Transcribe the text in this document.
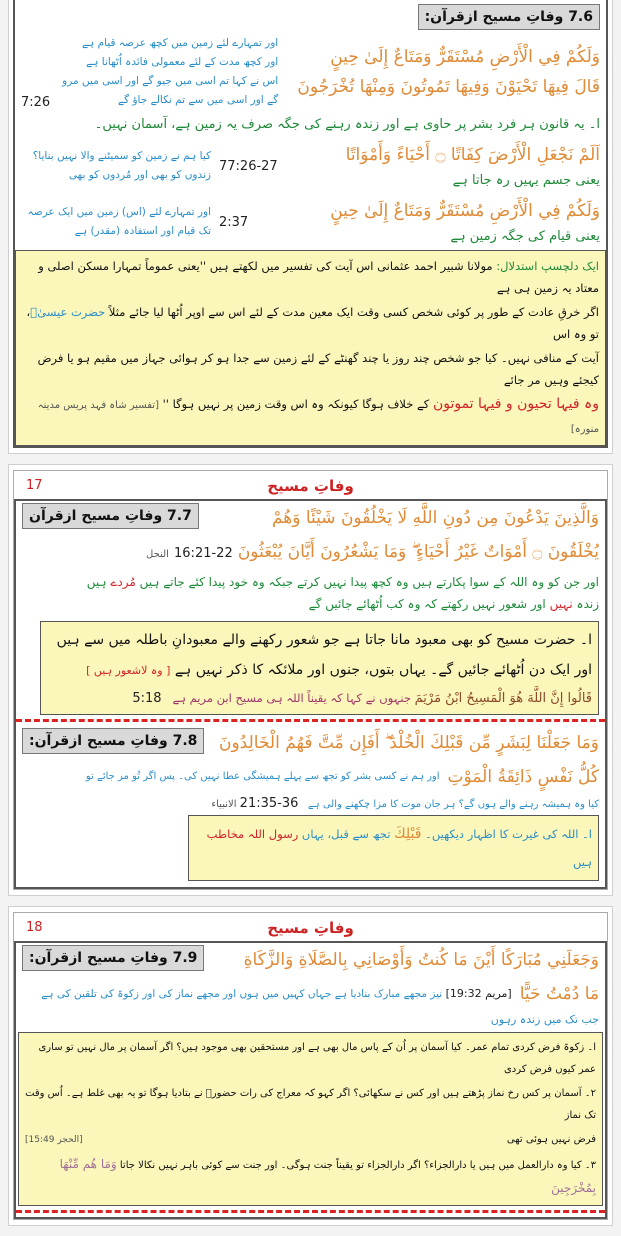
7.6 وفاتِ مسیح ازقرآن:
وَلَكُمْ فِي الْأَرْضِ مُسْتَقَرٌّ وَمَتَاعٌ إِلَىٰ حِينٍ
قَالَ فِيهَا تَحْيَوْنَ وَفِيهَا تَمُوتُونَ وَمِنْهَا تُخْرَجُونَ
اور تمہارے لئے زمین میں کچھ عرصہ قیام ہے
اور کچھ مدت کے لئے معمولی فائدہ اُٹھانا ہے
اس نے کہا تم اسی میں جیو گے اور اسی میں مرو
گے اور اسی میں سے تم نکالے جاؤ گے
7:26
ا۔ یہ قانون ہر فرد بشر پر حاوی ہے اور زندہ رہنے کی جگہ صرف یہ زمین ہے، آسمان نہیں۔
اَلَمْ نَجْعَلِ الْأَرْضَ كِفَاتًا ۝ أَحْيَاءً وَأَمْوَاتًا
یعنی جسم یہیں رہ جاتا ہے
77:26-27
کیا ہم نے زمین کو سمیٹنے والا نہیں بنایا؟
زندوں کو بھی اور مُردوں کو بھی
وَلَكُمْ فِي الْأَرْضِ مُسْتَقَرٌّ وَمَتَاعٌ إِلَىٰ حِينٍ
یعنی قیام کی جگہ زمین ہے
2:37
اور تمہارے لئے (اس) زمین میں ایک عرصہ
تک قیام اور استفادہ (مقدر) ہے
ایک دلچسپ استدلال: مولانا شبیر احمد عثمانی اس آیت کی تفسیر میں لکھتے ہیں ''یعنی عموماً تمہارا مسکن اصلی و معتاد یہ زمین ہی ہے
اگر خرقِ عادت کے طور پر کوئی شخص کسی وقت ایک معین مدت کے لئے اس سے اوپر اُٹھا لیا جائے مثلاً حضرت عیسیٰؑ، تو وہ اس
آیت کے منافی نہیں۔ کیا جو شخص چند روز یا چند گھنٹے کے لئے زمین سے جدا ہو کر ہوائی جہاز میں مقیم ہو یا فرض کیجئے وہیں مر جائے
وہ فیہا تحیون و فیہا تموتون کے خلاف ہوگا کیونکہ وہ اس وقت زمین پر نہیں ہوگا '' [تفسیر شاہ فہد پریس مدینہ منورہ]
17	وفاتِ مسیح
وَالَّذِينَ يَدْعُونَ مِن دُونِ اللَّهِ لَا يَخْلُقُونَ شَيْئًا وَهُمْ
7.7 وفاتِ مسیح ازقرآن
يُخْلَقُونَ ۝ أَمْوَاتٌ غَيْرُ أَحْيَاءٍ ۖ وَمَا يَشْعُرُونَ أَيَّانَ يُبْعَثُونَ 16:21-22 النحل
اور جن کو وہ اللہ کے سوا پکارتے ہیں وہ کچھ پیدا نہیں کرتے جبکہ وہ خود پیدا کئے جاتے ہیں مُردے ہیں
زندہ نہیں اور شعور نہیں رکھتے کہ وہ کب اُٹھائے جائیں گے
ا۔ حضرت مسیح کو بھی معبود مانا جاتا ہے جو شعور رکھنے والے معبودانِ باطلہ میں سے ہیں
اور ایک دن اُٹھائے جائیں گے۔ یہاں بتوں، جنوں اور ملائکہ کا ذکر نہیں ہے [ وہ لاشعور ہیں ]
قَالُوا إِنَّ اللَّهَ هُوَ الْمَسِيحُ ابْنُ مَرْيَمَ جنہوں نے کہا کہ یقیناً اللہ ہی مسیح ابن مریم ہے   5:18
وَمَا جَعَلْنَا لِبَشَرٍ مِّن قَبْلِكَ الْخُلْدَ ۖ أَفَإِن مِّتَّ فَهُمُ الْخَالِدُونَ
7.8 وفاتِ مسیح ازقرآن:
كُلُّ نَفْسٍ ذَائِقَةُ الْمَوْتِ
اور ہم نے کسی بشر کو تجھ سے پہلے ہمیشگی عطا نہیں کی۔ پس اگر تُو مر جائے تو
کیا وہ ہمیشہ رہنے والے ہوں گے؟ ہر جان موت کا مزا چکھنے والی ہے   21:35-36 الانبیاء
ا۔ اللہ کی غیرت کا اظہار دیکھیں۔ قَبْلِكَ تجھ سے قبل، یہاں رسول اللہ مخاطب ہیں
18	وفاتِ مسیح
وَجَعَلَنِي مُبَارَكًا أَيْنَ مَا كُنتُ وَأَوْصَانِي بِالصَّلَاةِ وَالزَّكَاةِ
7.9 وفاتِ مسیح ازقرآن:
مَا دُمْتُ حَيًّا
[19:32 مریم] نیز مجھے مبارک بنادیا ہے جہاں کہیں میں ہوں اور مجھے نماز کی اور زکوۃ کی تلقین کی ہے
جب تک میں زندہ رہوں
ا۔ زکوۃ فرض کردی تمام عمر۔ کیا آسمان پر اُن کے پاس مال بھی ہے اور مستحقین بھی موجود ہیں؟ اگر آسمان پر مال نہیں تو ساری عمر کیوں فرض کردی
۲۔ آسمان پر کس رخ نماز پڑھتے ہیں اور کس نے سکھائی؟ اگر کہو کہ معراج کی رات حضورؐ نے بتادیا ہوگا تو یہ بھی غلط ہے۔ اُس وقت تک نماز
فرض نہیں ہوئی تھی
[الحجر 15:49]
۳۔ کیا وہ دارالعمل میں ہیں یا دارالجزاء؟ اگر دارالجزاء تو یقیناً جنت ہوگی۔ اور جنت سے کوئی باہر نہیں نکالا جاتا وَمَا هُم مِّنْهَا بِمُخْرَجِينَ
